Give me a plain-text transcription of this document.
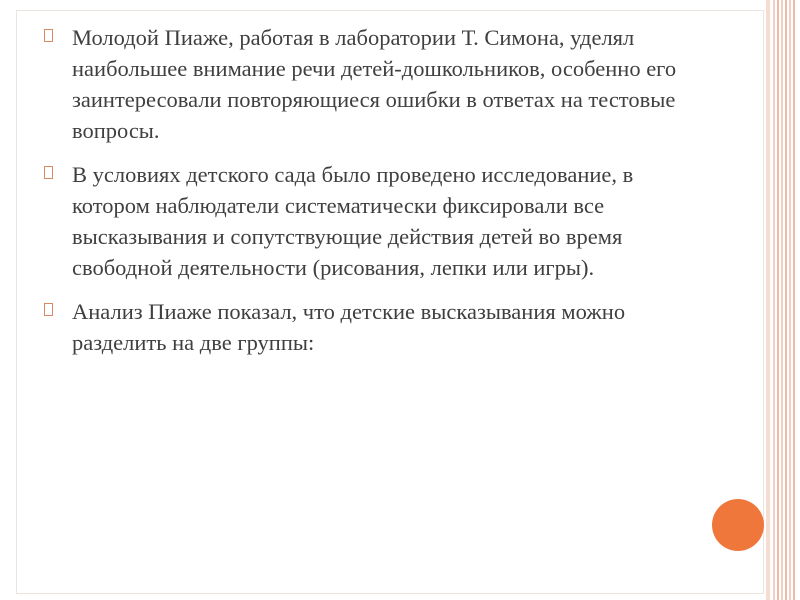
Молодой Пиаже, работая в лаборатории Т. Симона, уделял наибольшее внимание речи детей-дошкольников, особенно его заинтересовали повторяющиеся ошибки в ответах на тестовые вопросы.

В условиях детского сада было проведено исследование, в котором наблюдатели систематически фиксировали все высказывания и сопутствующие действия детей во время свободной деятельности (рисования, лепки или игры).

Анализ Пиаже показал, что детские высказывания можно разделить на две группы:
